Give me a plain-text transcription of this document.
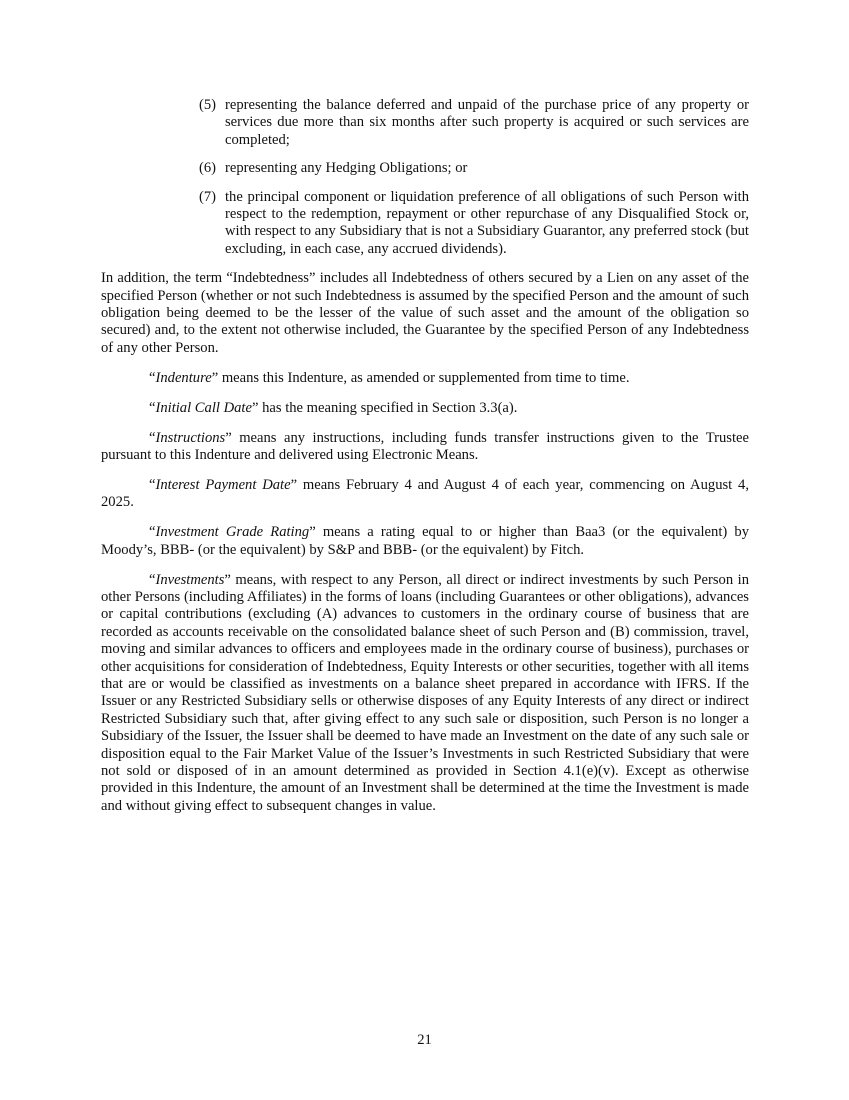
(5) representing the balance deferred and unpaid of the purchase price of any property or services due more than six months after such property is acquired or such services are completed;
(6) representing any Hedging Obligations; or
(7) the principal component or liquidation preference of all obligations of such Person with respect to the redemption, repayment or other repurchase of any Disqualified Stock or, with respect to any Subsidiary that is not a Subsidiary Guarantor, any preferred stock (but excluding, in each case, any accrued dividends).

In addition, the term “Indebtedness” includes all Indebtedness of others secured by a Lien on any asset of the specified Person (whether or not such Indebtedness is assumed by the specified Person and the amount of such obligation being deemed to be the lesser of the value of such asset and the amount of the obligation so secured) and, to the extent not otherwise included, the Guarantee by the specified Person of any Indebtedness of any other Person.

“Indenture” means this Indenture, as amended or supplemented from time to time.

“Initial Call Date” has the meaning specified in Section 3.3(a).

“Instructions” means any instructions, including funds transfer instructions given to the Trustee pursuant to this Indenture and delivered using Electronic Means.

“Interest Payment Date” means February 4 and August 4 of each year, commencing on August 4, 2025.

“Investment Grade Rating” means a rating equal to or higher than Baa3 (or the equivalent) by Moody’s, BBB- (or the equivalent) by S&P and BBB- (or the equivalent) by Fitch.

“Investments” means, with respect to any Person, all direct or indirect investments by such Person in other Persons (including Affiliates) in the forms of loans (including Guarantees or other obligations), advances or capital contributions (excluding (A) advances to customers in the ordinary course of business that are recorded as accounts receivable on the consolidated balance sheet of such Person and (B) commission, travel, moving and similar advances to officers and employees made in the ordinary course of business), purchases or other acquisitions for consideration of Indebtedness, Equity Interests or other securities, together with all items that are or would be classified as investments on a balance sheet prepared in accordance with IFRS. If the Issuer or any Restricted Subsidiary sells or otherwise disposes of any Equity Interests of any direct or indirect Restricted Subsidiary such that, after giving effect to any such sale or disposition, such Person is no longer a Subsidiary of the Issuer, the Issuer shall be deemed to have made an Investment on the date of any such sale or disposition equal to the Fair Market Value of the Issuer’s Investments in such Restricted Subsidiary that were not sold or disposed of in an amount determined as provided in Section 4.1(e)(v). Except as otherwise provided in this Indenture, the amount of an Investment shall be determined at the time the Investment is made and without giving effect to subsequent changes in value.

21
